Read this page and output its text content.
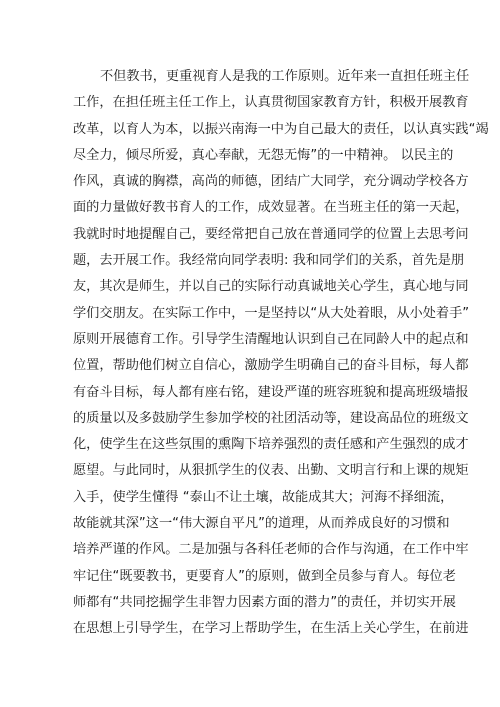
不但教书，更重视育人是我的工作原则。近年来一直担任班主任
工作，在担任班主任工作上，认真贯彻国家教育方针，积极开展教育
改革，以育人为本，以振兴南海一中为自己最大的责任，以认真实践“竭
尽全力，倾尽所爱，真心奉献，无怨无悔”的一中精神。 以民主的
作风，真诚的胸襟，高尚的师德，团结广大同学，充分调动学校各方
面的力量做好教书育人的工作，成效显著。在当班主任的第一天起，
我就时时地提醒自己，要经常把自己放在普通同学的位置上去思考问
题，去开展工作。我经常向同学表明: 我和同学们的关系，首先是朋
友，其次是师生，并以自己的实际行动真诚地关心学生，真心地与同
学们交朋友。在实际工作中，一是坚持以“从大处着眼，从小处着手”
原则开展德育工作。引导学生清醒地认识到自己在同龄人中的起点和
位置，帮助他们树立自信心，激励学生明确自己的奋斗目标，每人都
有奋斗目标，每人都有座右铭，建设严谨的班容班貌和提高班级墙报
的质量以及多鼓励学生参加学校的社团活动等，建设高品位的班级文
化，使学生在这些氛围的熏陶下培养强烈的责任感和产生强烈的成才
愿望。与此同时，从狠抓学生的仪表、出勤、文明言行和上课的规矩
入手，使学生懂得 “泰山不让土壤，故能成其大；河海不择细流，
故能就其深”这一“伟大源自平凡”的道理，从而养成良好的习惯和
培养严谨的作风。二是加强与各科任老师的合作与沟通，在工作中牢
牢记住“既要教书，更要育人”的原则，做到全员参与育人。每位老
师都有“共同挖掘学生非智力因素方面的潜力”的责任，并切实开展
在思想上引导学生，在学习上帮助学生，在生活上关心学生，在前进
